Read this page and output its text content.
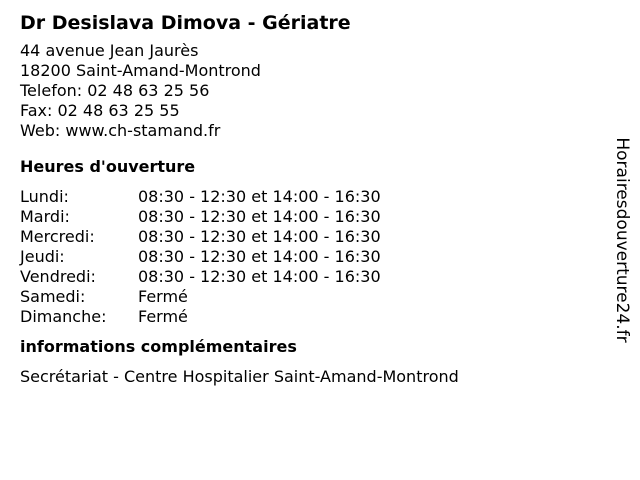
Dr Desislava Dimova - Gériatre
44 avenue Jean Jaurès
18200 Saint-Amand-Montrond
Telefon: 02 48 63 25 56
Fax: 02 48 63 25 55
Web: www.ch-stamand.fr
Heures d'ouverture
Lundi:	08:30 - 12:30 et 14:00 - 16:30
Mardi:	08:30 - 12:30 et 14:00 - 16:30
Mercredi:	08:30 - 12:30 et 14:00 - 16:30
Jeudi:	08:30 - 12:30 et 14:00 - 16:30
Vendredi:	08:30 - 12:30 et 14:00 - 16:30
Samedi:	Fermé
Dimanche:	Fermé
informations complémentaires
Secrétariat - Centre Hospitalier Saint-Amand-Montrond
Horairesdouverture24.fr
